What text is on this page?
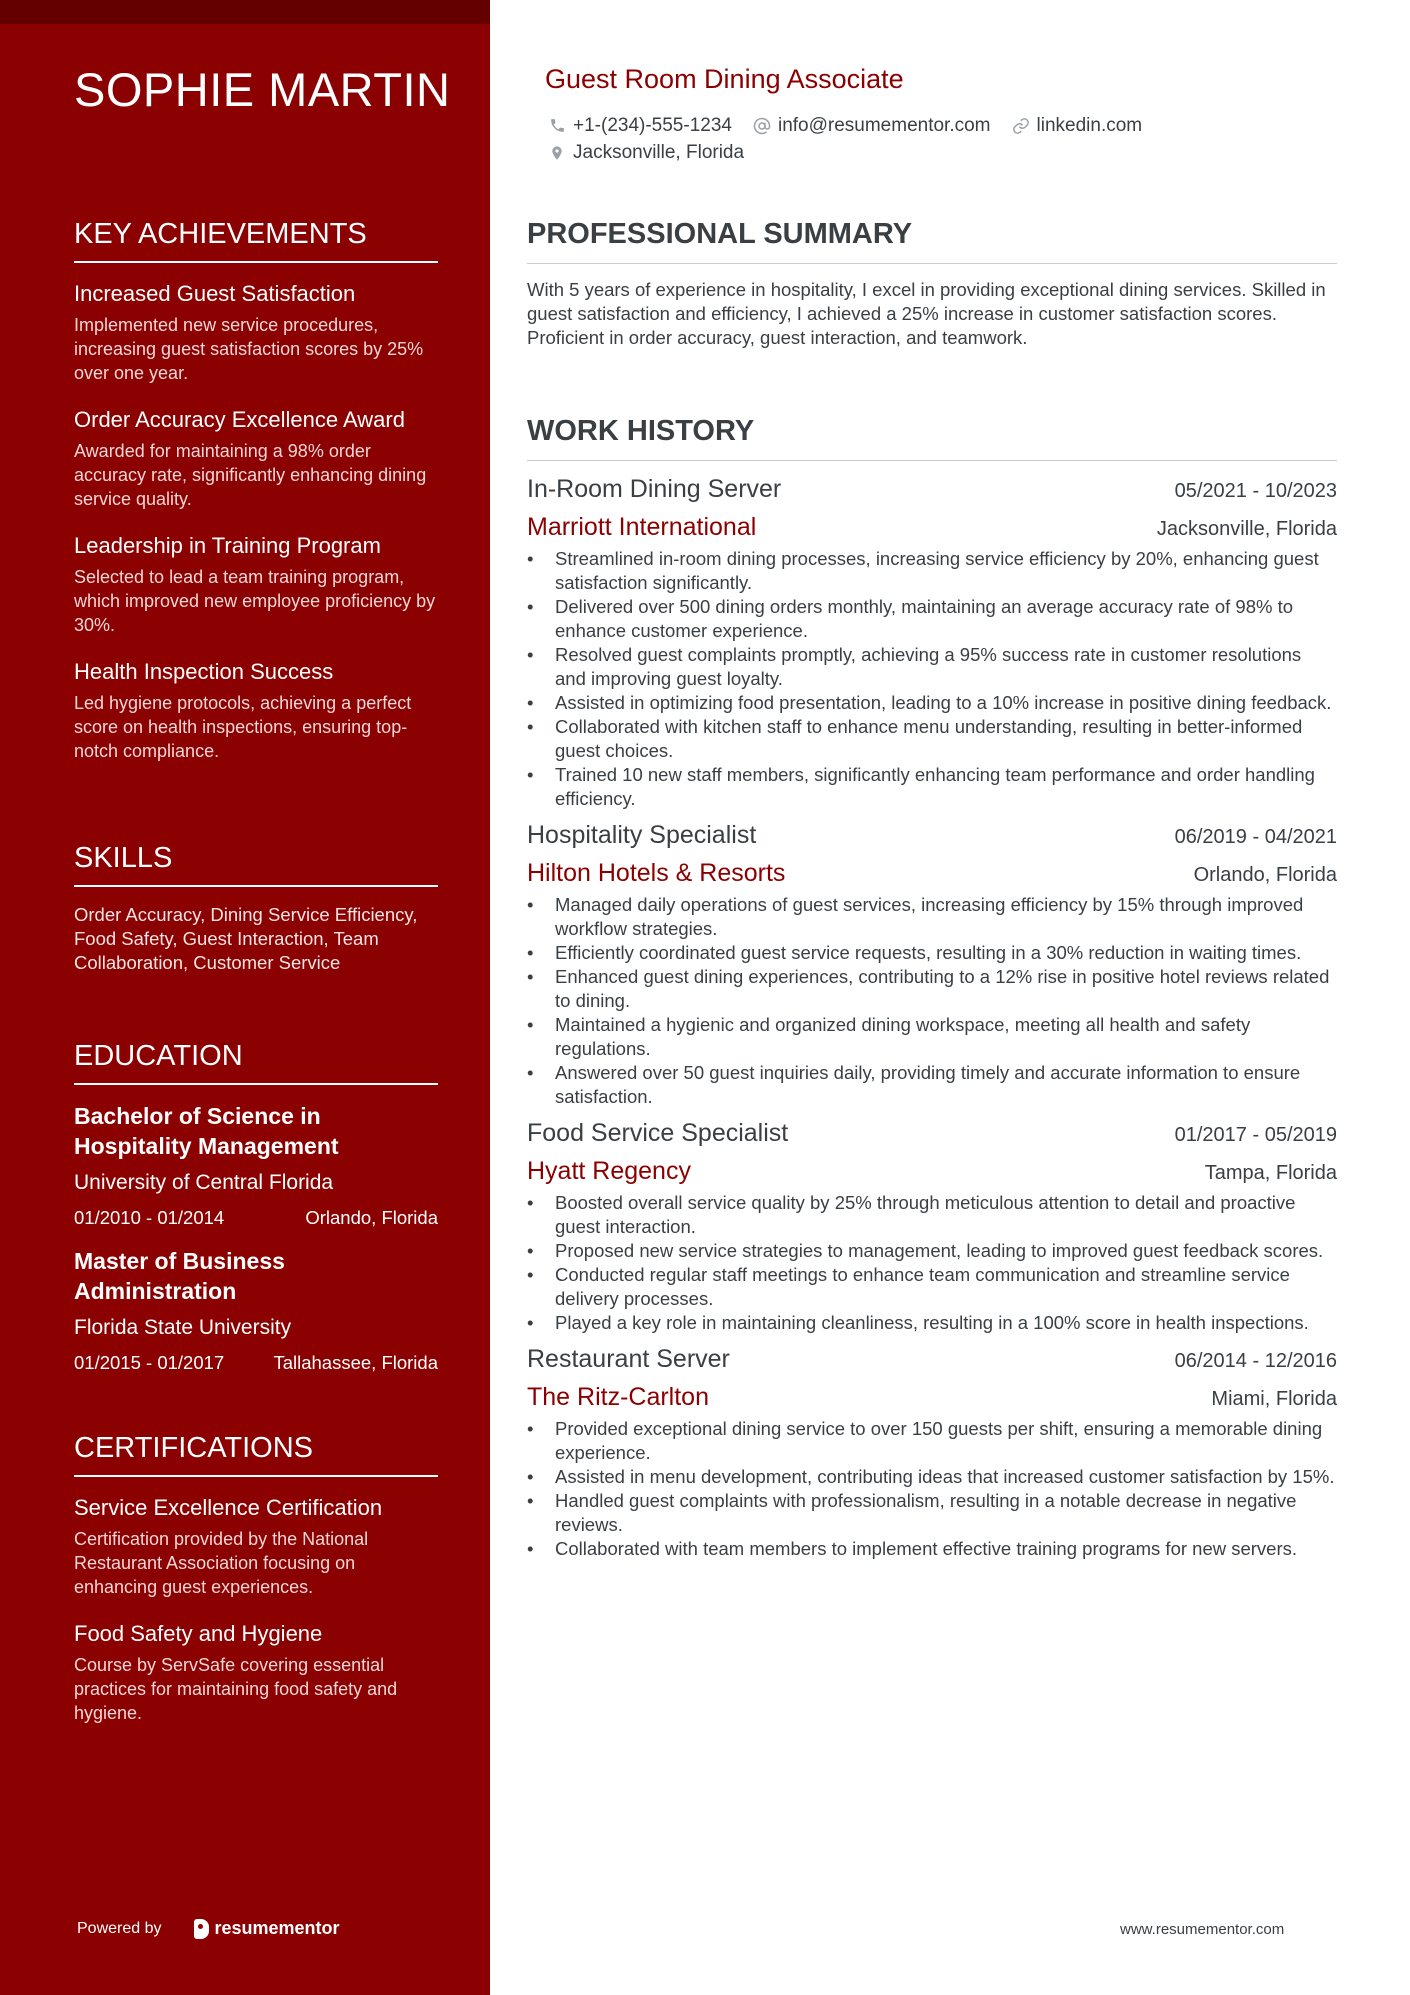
SOPHIE MARTIN
KEY ACHIEVEMENTS
Increased Guest Satisfaction
Implemented new service procedures, increasing guest satisfaction scores by 25% over one year.
Order Accuracy Excellence Award
Awarded for maintaining a 98% order accuracy rate, significantly enhancing dining service quality.
Leadership in Training Program
Selected to lead a team training program, which improved new employee proficiency by 30%.
Health Inspection Success
Led hygiene protocols, achieving a perfect score on health inspections, ensuring top-notch compliance.
SKILLS
Order Accuracy, Dining Service Efficiency, Food Safety, Guest Interaction, Team Collaboration, Customer Service
EDUCATION
Bachelor of Science in Hospitality Management
University of Central Florida
01/2010 - 01/2014	Orlando, Florida
Master of Business Administration
Florida State University
01/2015 - 01/2017	Tallahassee, Florida
CERTIFICATIONS
Service Excellence Certification
Certification provided by the National Restaurant Association focusing on enhancing guest experiences.
Food Safety and Hygiene
Course by ServSafe covering essential practices for maintaining food safety and hygiene.
Powered by	resumementor
Guest Room Dining Associate
+1-(234)-555-1234 info@resumementor.com linkedin.com
Jacksonville, Florida
PROFESSIONAL SUMMARY

With 5 years of experience in hospitality, I excel in providing exceptional dining services. Skilled in guest satisfaction and efficiency, I achieved a 25% increase in customer satisfaction scores. Proficient in order accuracy, guest interaction, and teamwork.

WORK HISTORY
In-Room Dining Server	05/2021 - 10/2023
Marriott International	Jacksonville, Florida
• Streamlined in-room dining processes, increasing service efficiency by 20%, enhancing guest satisfaction significantly.
• Delivered over 500 dining orders monthly, maintaining an average accuracy rate of 98% to enhance customer experience.
• Resolved guest complaints promptly, achieving a 95% success rate in customer resolutions and improving guest loyalty.
• Assisted in optimizing food presentation, leading to a 10% increase in positive dining feedback.
• Collaborated with kitchen staff to enhance menu understanding, resulting in better-informed guest choices.
• Trained 10 new staff members, significantly enhancing team performance and order handling efficiency.
Hospitality Specialist	06/2019 - 04/2021
Hilton Hotels & Resorts	Orlando, Florida
• Managed daily operations of guest services, increasing efficiency by 15% through improved workflow strategies.
• Efficiently coordinated guest service requests, resulting in a 30% reduction in waiting times.
• Enhanced guest dining experiences, contributing to a 12% rise in positive hotel reviews related to dining.
• Maintained a hygienic and organized dining workspace, meeting all health and safety regulations.
• Answered over 50 guest inquiries daily, providing timely and accurate information to ensure satisfaction.
Food Service Specialist	01/2017 - 05/2019
Hyatt Regency	Tampa, Florida
• Boosted overall service quality by 25% through meticulous attention to detail and proactive guest interaction.
• Proposed new service strategies to management, leading to improved guest feedback scores.
• Conducted regular staff meetings to enhance team communication and streamline service delivery processes.
• Played a key role in maintaining cleanliness, resulting in a 100% score in health inspections.
Restaurant Server	06/2014 - 12/2016
The Ritz-Carlton	Miami, Florida
• Provided exceptional dining service to over 150 guests per shift, ensuring a memorable dining experience.
• Assisted in menu development, contributing ideas that increased customer satisfaction by 15%.
• Handled guest complaints with professionalism, resulting in a notable decrease in negative reviews.
• Collaborated with team members to implement effective training programs for new servers.
www.resumementor.com
